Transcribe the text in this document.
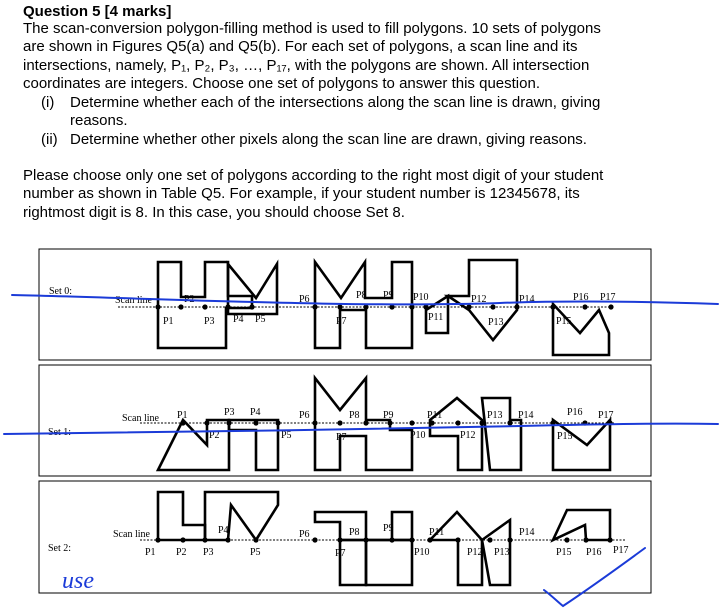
Question 5 [4 marks]
The scan-conversion polygon-filling method is used to fill polygons. 10 sets of polygons
are shown in Figures Q5(a) and Q5(b). For each set of polygons, a scan line and its
intersections, namely, P₁, P₂, P₃, …, P₁₇, with the polygons are shown. All intersection
coordinates are integers. Choose one set of polygons to answer this question.
(i) Determine whether each of the intersections along the scan line is drawn, giving
reasons.
(ii) Determine whether other pixels along the scan line are drawn, giving reasons.
Please choose only one set of polygons according to the right most digit of your student
number as shown in Table Q5. For example, if your student number is 12345678, its
rightmost digit is 8. In this case, you should choose Set 8.
Set 0:
Scan line
P1
P2
P3 P4 P5
P6
P7
P8 P9 P10
P11
P12
P13
P14
P15
P16 P17
Set 1:
Scan line P1
P2
P3 P4
P5
P6
P7
P8 P9
P10
P11
P12
P13 P14
P15
P16 P17
Set 2:
Scan line
P1 P2 P3
P4
P5
P6
P7
P8 P9
P10
P11
P12 P13
P14
P15 P16 P17
use
